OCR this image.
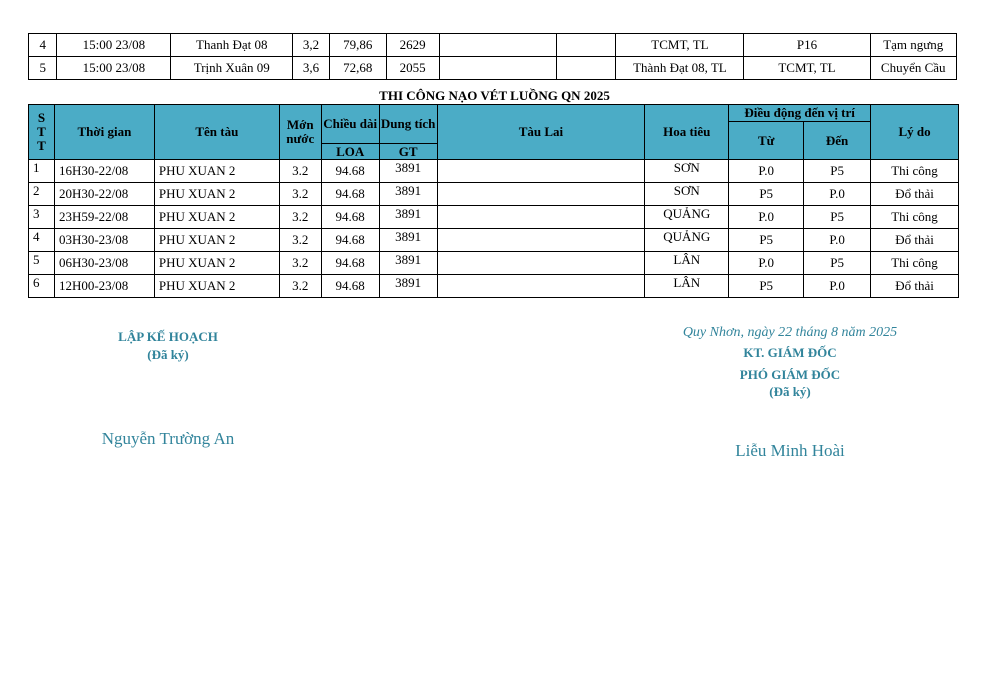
4	15:00 23/08	Thanh Đạt 08	3,2	79,86	2629			TCMT, TL	P16	Tạm ngưng
5	15:00 23/08	Trịnh Xuân 09	3,6	72,68	2055			Thành Đạt 08, TL	TCMT, TL	Chuyển Cầu
THI CÔNG NẠO VÉT LUỒNG QN 2025
S
T
T	Thời gian	Tên tàu	Mớn nước	Chiều dài	Dung tích	Tàu Lai	Hoa tiêu	Điều động đến vị trí		Lý do
								Từ	Đến	
				LOA	GT					
1	16H30-22/08	PHU XUAN 2	3.2	94.68	3891		SƠN	P.0	P5	Thi công
2	20H30-22/08	PHU XUAN 2	3.2	94.68	3891		SƠN	P5	P.0	Đổ thải
3	23H59-22/08	PHU XUAN 2	3.2	94.68	3891		QUẢNG	P.0	P5	Thi công
4	03H30-23/08	PHU XUAN 2	3.2	94.68	3891		QUẢNG	P5	P.0	Đổ thải
5	06H30-23/08	PHU XUAN 2	3.2	94.68	3891		LÂN	P.0	P5	Thi công
6	12H00-23/08	PHU XUAN 2	3.2	94.68	3891		LÂN	P5	P.0	Đổ thải
LẬP KẾ HOẠCH
(Đã ký)
Nguyễn Trường An
Quy Nhơn, ngày 22 tháng 8 năm 2025
KT. GIÁM ĐỐC
PHÓ GIÁM ĐỐC
(Đã ký)
Liễu Minh Hoài
